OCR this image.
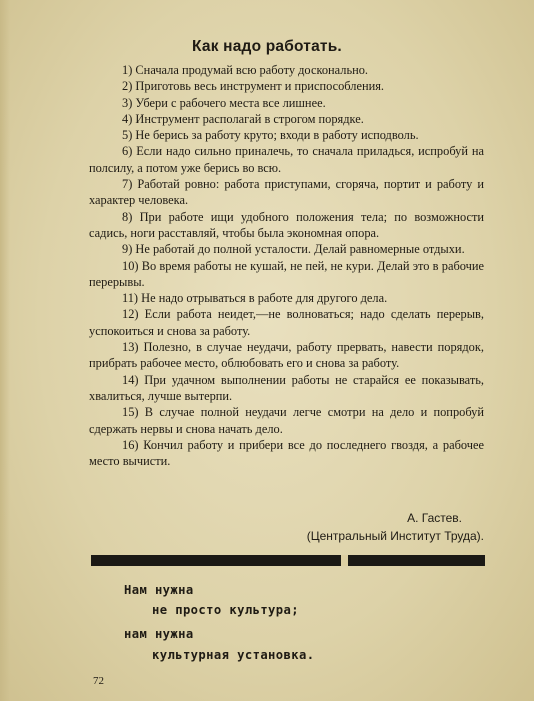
Как надо работать.

1) Сначала продумай всю работу досконально.

2) Приготовь весь инструмент и приспособления.

3) Убери с рабочего места все лишнее.

4) Инструмент располагай в строгом порядке.

5) Не берись за работу круто; входи в работу исподволь.

6) Если надо сильно приналечь, то сначала приладься, испробуй на полсилу, а потом уже берись во всю.

7) Работай ровно: работа приступами, сгоряча, портит и работу и характер человека.

8) При работе ищи удобного положения тела; по возможности садись, ноги расставляй, чтобы была экономная опора.

9) Не работай до полной усталости. Делай равномерные отдыхи.

10) Во время работы не кушай, не пей, не кури. Делай это в рабочие перерывы.

11) Не надо отрываться в работе для другого дела.

12) Если работа неидет,—не волноваться; надо сделать перерыв, успокоиться и снова за работу.

13) Полезно, в случае неудачи, работу прервать, навести порядок, прибрать рабочее место, облюбовать его и снова за работу.

14) При удачном выполнении работы не старайся ее показывать, хвалиться, лучше вытерпи.

15) В случае полной неудачи легче смотри на дело и попробуй сдержать нервы и снова начать дело.

16) Кончил работу и прибери все до последнего гвоздя, а рабочее место вычисти.

А. Гастев.
(Центральный Институт Труда).
Нам нужна
не просто культура;
нам нужна
культурная установка.
72
